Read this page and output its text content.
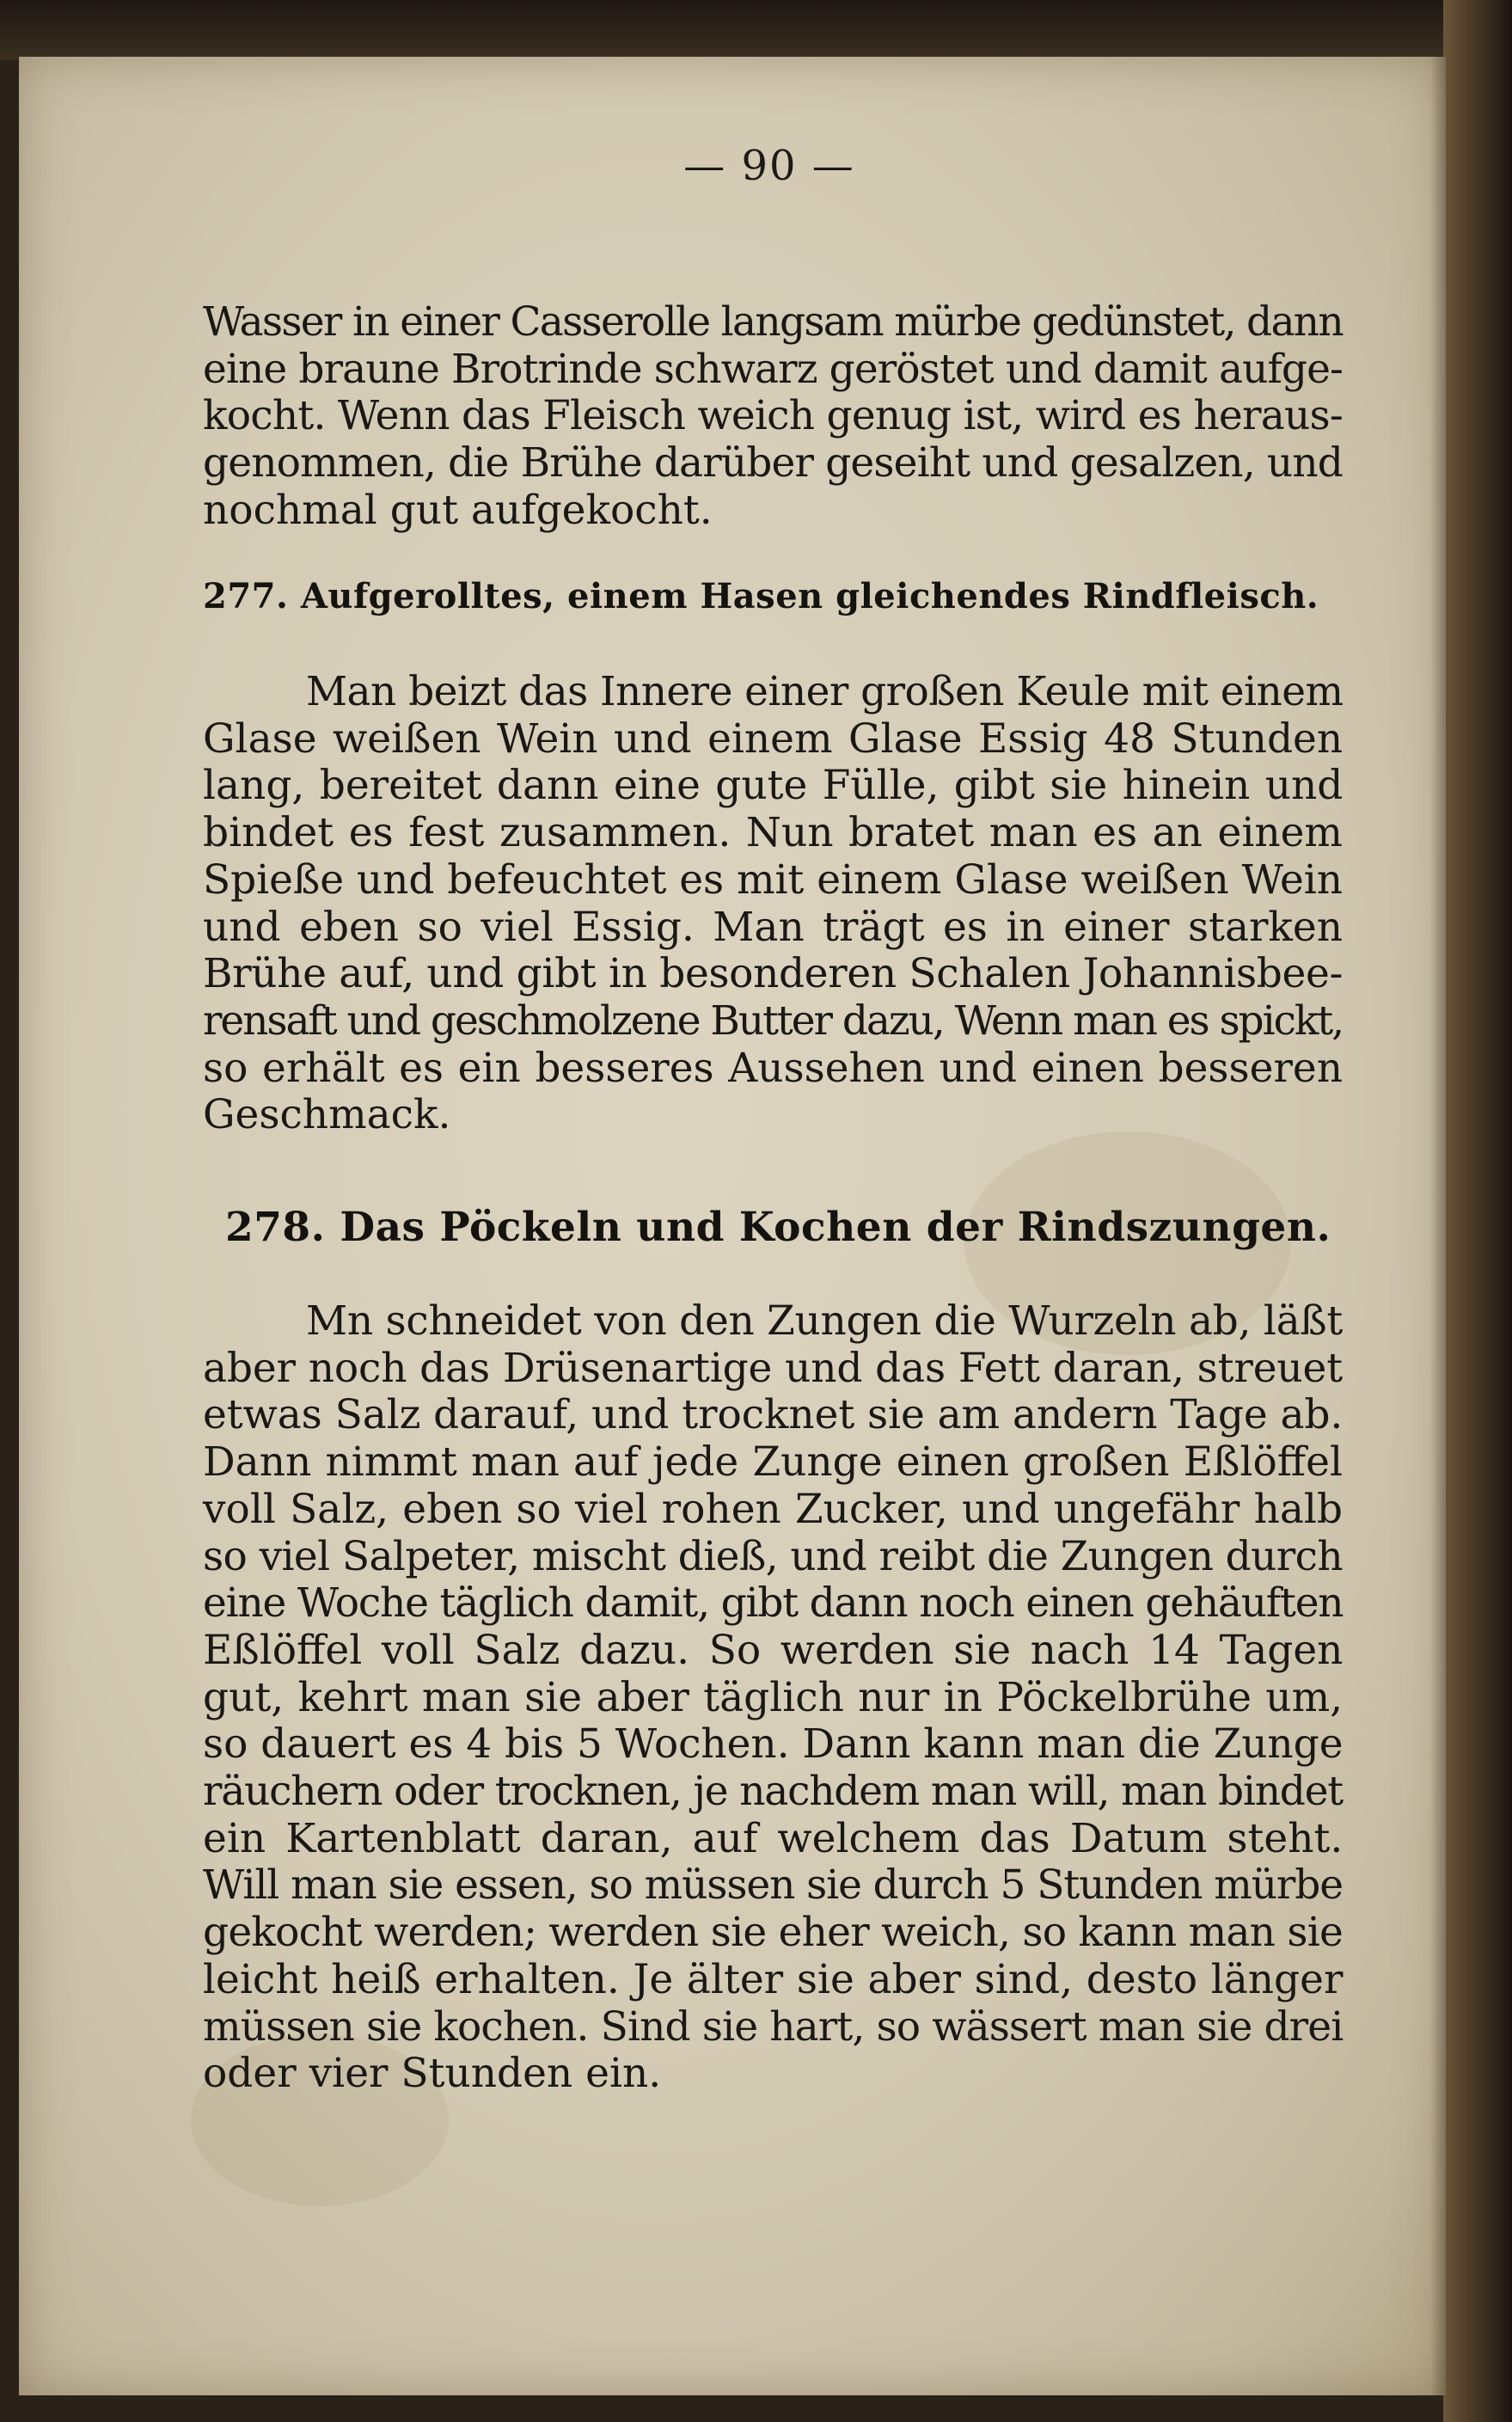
— 90 —
Wasser in einer Casserolle langsam mürbe gedünstet, dann
eine braune Brotrinde schwarz geröstet und damit aufge-
kocht. Wenn das Fleisch weich genug ist, wird es heraus-
genommen, die Brühe darüber geseiht und gesalzen, und
nochmal gut aufgekocht.
277. Aufgerolltes, einem Hasen gleichendes Rindfleisch.
Man beizt das Innere einer großen Keule mit einem
Glase weißen Wein und einem Glase Essig 48 Stunden
lang, bereitet dann eine gute Fülle, gibt sie hinein und
bindet es fest zusammen. Nun bratet man es an einem
Spieße und befeuchtet es mit einem Glase weißen Wein
und eben so viel Essig. Man trägt es in einer starken
Brühe auf, und gibt in besonderen Schalen Johannisbee-
rensaft und geschmolzene Butter dazu, Wenn man es spickt,
so erhält es ein besseres Aussehen und einen besseren
Geschmack.
278. Das Pöckeln und Kochen der Rindszungen.
Mn schneidet von den Zungen die Wurzeln ab, läßt
aber noch das Drüsenartige und das Fett daran, streuet
etwas Salz darauf, und trocknet sie am andern Tage ab.
Dann nimmt man auf jede Zunge einen großen Eßlöffel
voll Salz, eben so viel rohen Zucker, und ungefähr halb
so viel Salpeter, mischt dieß, und reibt die Zungen durch
eine Woche täglich damit, gibt dann noch einen gehäuften
Eßlöffel voll Salz dazu. So werden sie nach 14 Tagen
gut, kehrt man sie aber täglich nur in Pöckelbrühe um,
so dauert es 4 bis 5 Wochen. Dann kann man die Zunge
räuchern oder trocknen, je nachdem man will, man bindet
ein Kartenblatt daran, auf welchem das Datum steht.
Will man sie essen, so müssen sie durch 5 Stunden mürbe
gekocht werden; werden sie eher weich, so kann man sie
leicht heiß erhalten. Je älter sie aber sind, desto länger
müssen sie kochen. Sind sie hart, so wässert man sie drei
oder vier Stunden ein.
